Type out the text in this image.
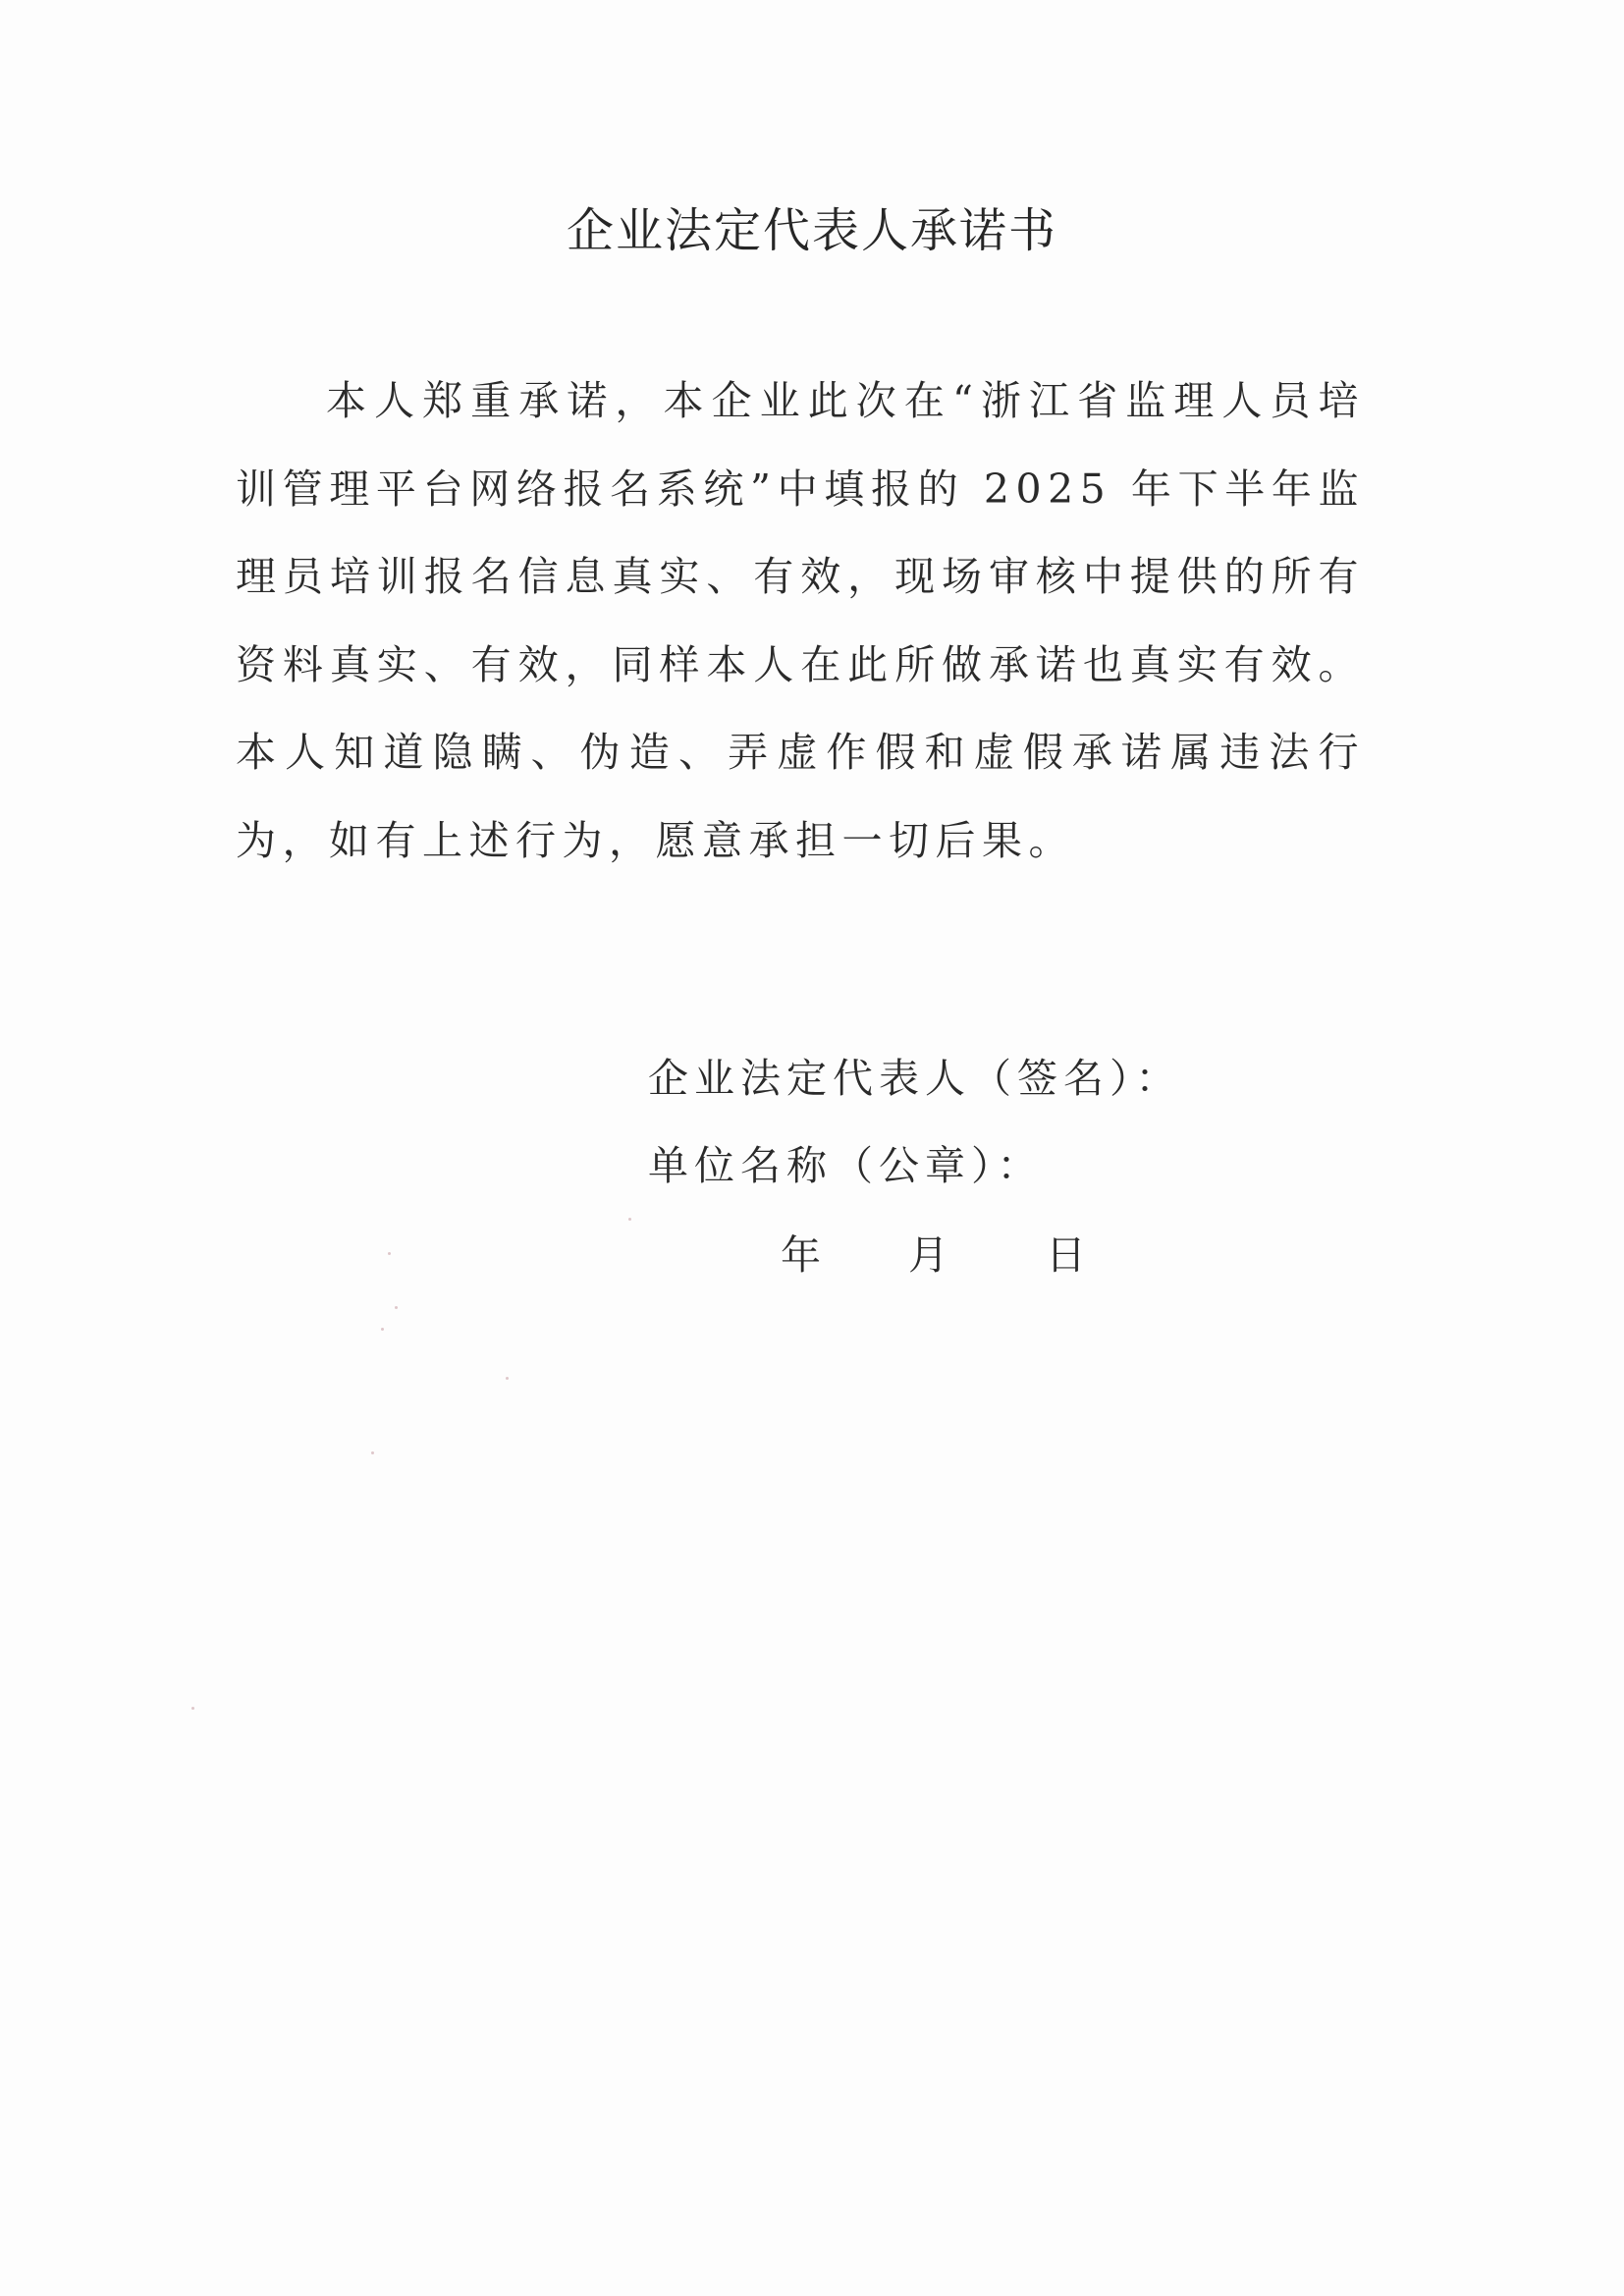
企业法定代表人承诺书

本人郑重承诺，本企业此次在“浙江省监理人员培训管理平台网络报名系统”中填报的 2025 年下半年监理员培训报名信息真实、有效，现场审核中提供的所有资料真实、有效，同样本人在此所做承诺也真实有效。本人知道隐瞒、伪造、弄虚作假和虚假承诺属违法行为，如有上述行为，愿意承担一切后果。

企业法定代表人（签名）：
单位名称（公章）：
年 月 日
